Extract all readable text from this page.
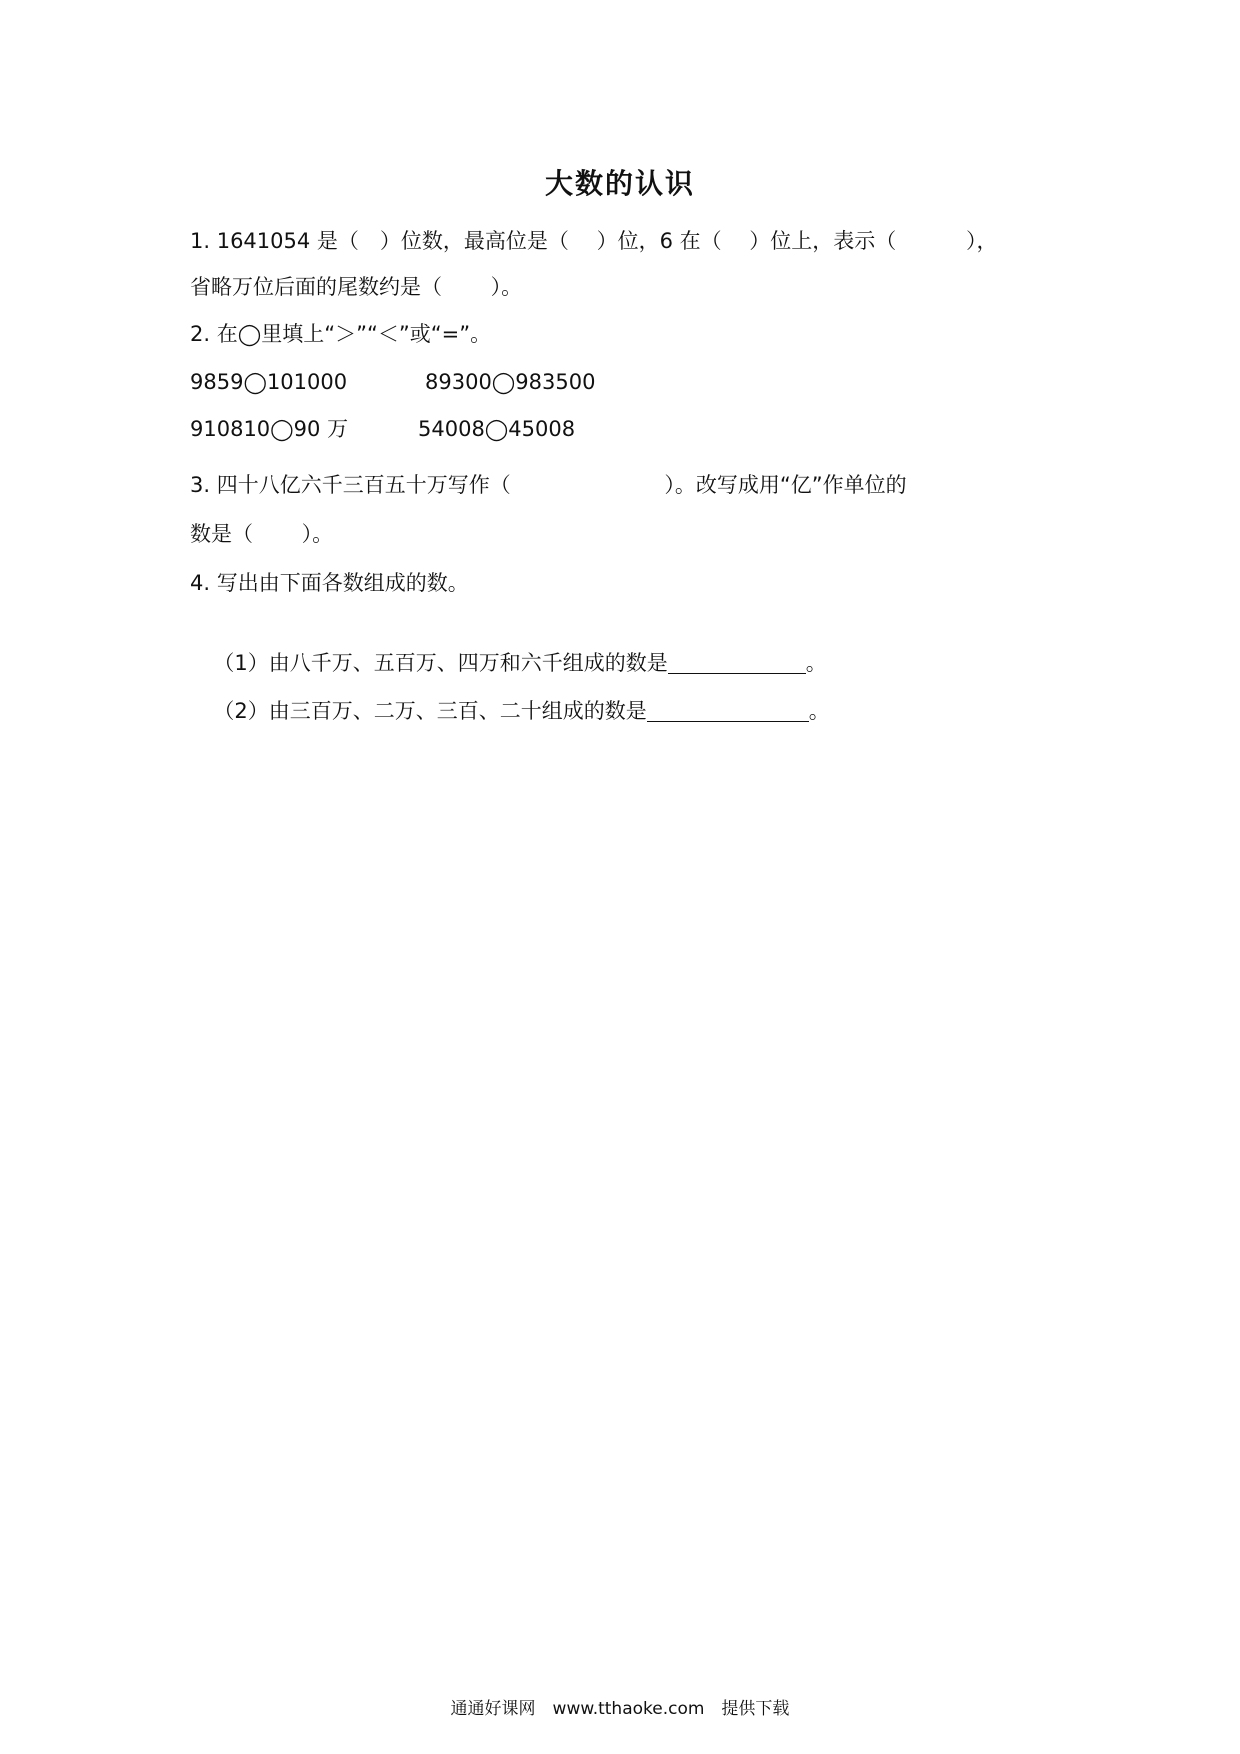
大数的认识
1. 1641054 是（　）位数，最高位是（　 ）位，6 在（　 ）位上，表示（　　　 ），
省略万位后面的尾数约是（　　 ）。
2. 在◯里填上“＞”“＜”或“=”。
9859◯101000	89300◯983500
910810◯90 万	54008◯45008
3. 四十八亿六千三百五十万写作（　　　　　　　 ）。改写成用“亿”作单位的
数是（　　 ）。
4. 写出由下面各数组成的数。

（1）由八千万、五百万、四万和六千组成的数是	。

（2）由三百万、二万、三百、二十组成的数是	。

通通好课网　www.tthaoke.com　提供下载
